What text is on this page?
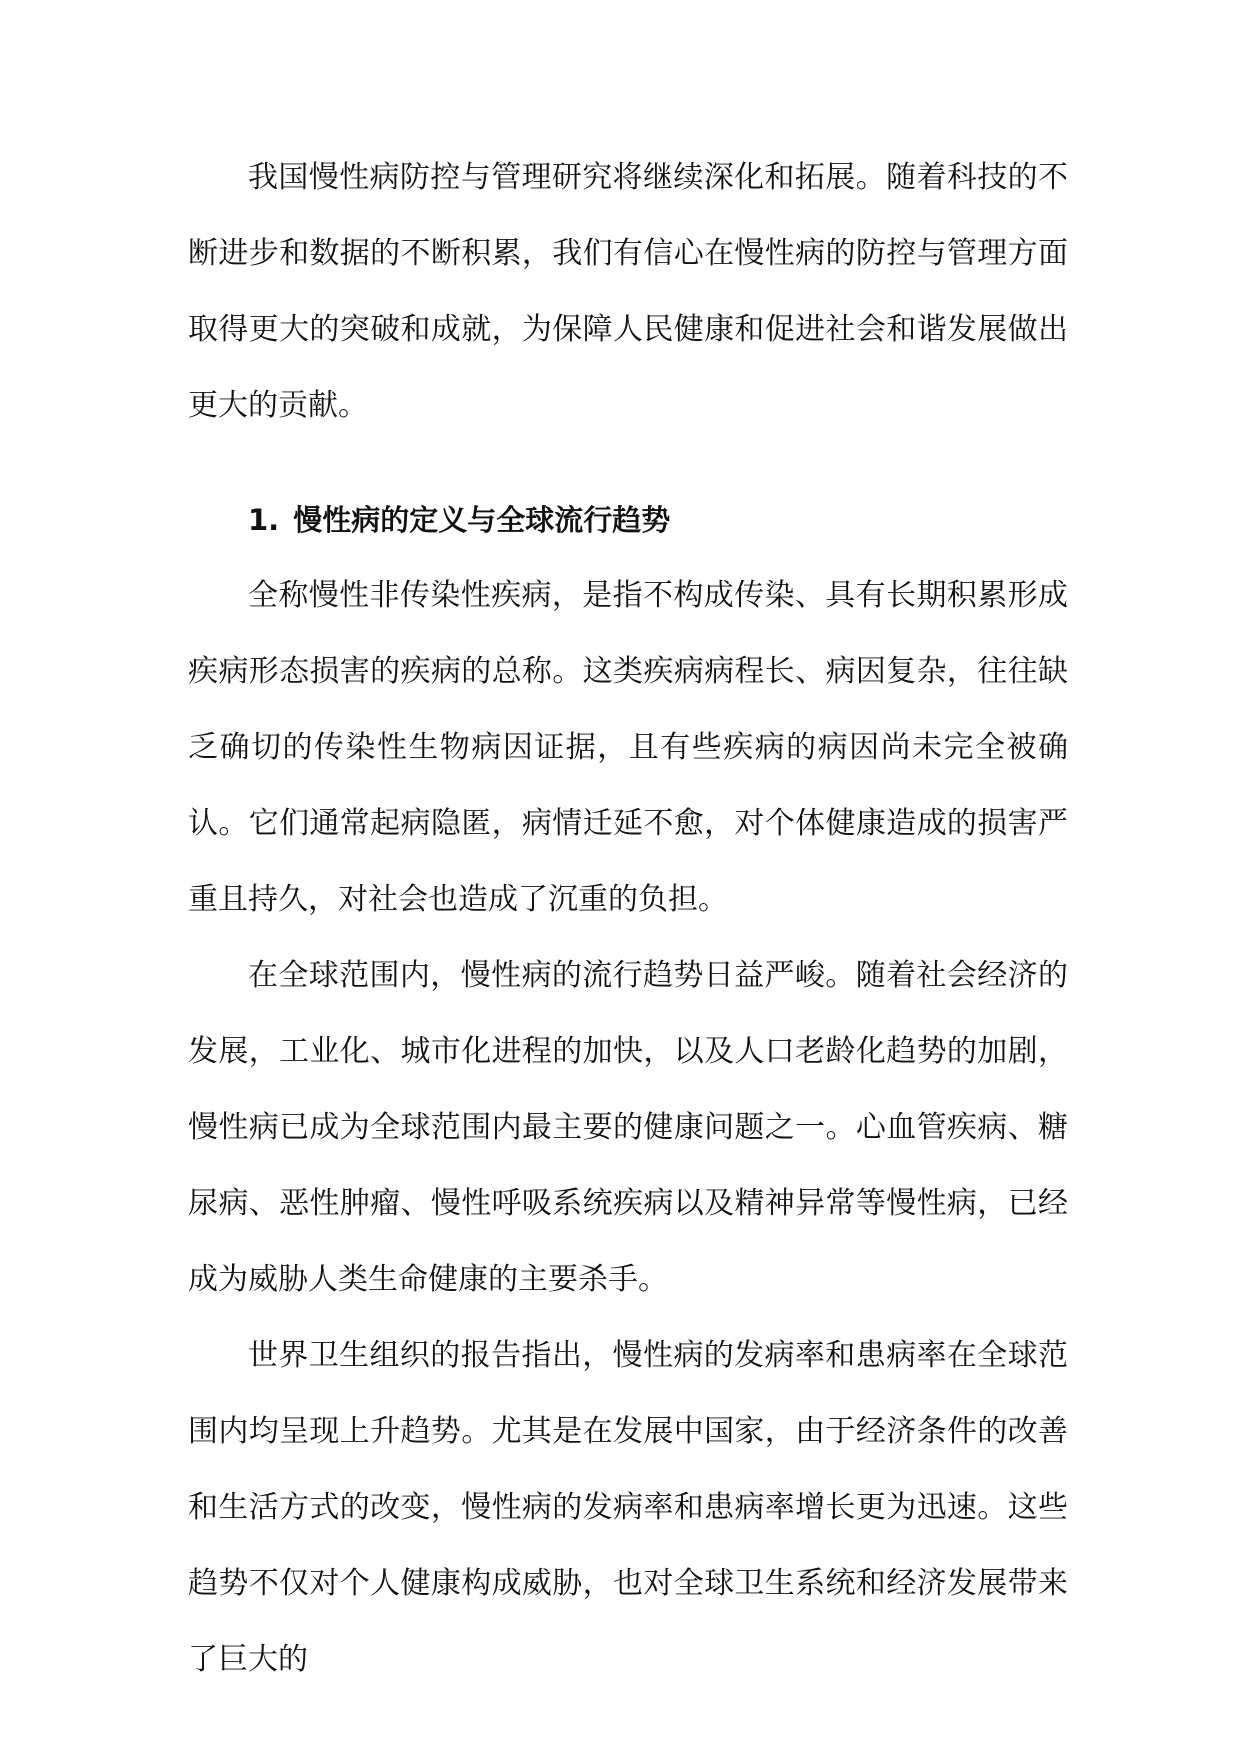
我国慢性病防控与管理研究将继续深化和拓展。随着科技的不断进步和数据的不断积累，我们有信心在慢性病的防控与管理方面取得更大的突破和成就，为保障人民健康和促进社会和谐发展做出更大的贡献。

1. 慢性病的定义与全球流行趋势

全称慢性非传染性疾病，是指不构成传染、具有长期积累形成疾病形态损害的疾病的总称。这类疾病病程长、病因复杂，往往缺乏确切的传染性生物病因证据，且有些疾病的病因尚未完全被确认。它们通常起病隐匿，病情迁延不愈，对个体健康造成的损害严重且持久，对社会也造成了沉重的负担。

在全球范围内，慢性病的流行趋势日益严峻。随着社会经济的发展，工业化、城市化进程的加快，以及人口老龄化趋势的加剧，慢性病已成为全球范围内最主要的健康问题之一。心血管疾病、糖尿病、恶性肿瘤、慢性呼吸系统疾病以及精神异常等慢性病，已经成为威胁人类生命健康的主要杀手。

世界卫生组织的报告指出，慢性病的发病率和患病率在全球范围内均呈现上升趋势。尤其是在发展中国家，由于经济条件的改善和生活方式的改变，慢性病的发病率和患病率增长更为迅速。这些趋势不仅对个人健康构成威胁，也对全球卫生系统和经济发展带来了巨大的
